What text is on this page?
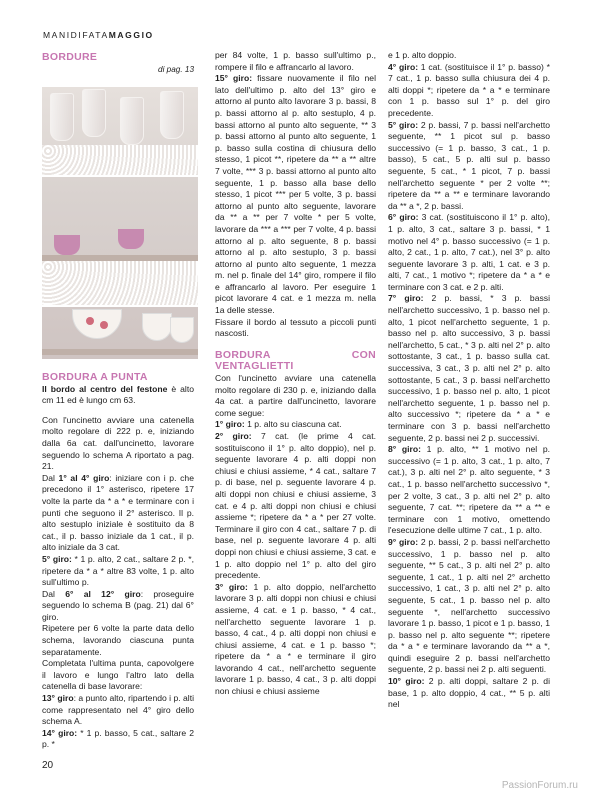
MANIDIFATAMAGGIO

BORDURE

di pag. 13

BORDURA A PUNTA

Il bordo al centro del festone è alto cm 11 ed è lungo cm 63.

Con l'uncinetto avviare una catenella molto regolare di 222 p. e, iniziando dalla 6a cat. dall'uncinetto, lavorare seguendo lo schema A riportato a pag. 21.

Dal 1° al 4° giro: iniziare con i p. che precedono il 1° asterisco, ripetere 17 volte la parte da * a * e terminare con i punti che seguono il 2° asterisco. Il p. alto sestuplo iniziale è sostituito da 8 cat., il p. basso iniziale da 1 cat., il p. alto iniziale da 3 cat.

5° giro: * 1 p. alto, 2 cat., saltare 2 p. *, ripetere da * a * altre 83 volte, 1 p. alto sull'ultimo p.

Dal 6° al 12° giro: proseguire seguendo lo schema B (pag. 21) dal 6° giro.

Ripetere per 6 volte la parte data dello schema, lavorando ciascuna punta separatamente.

Completata l'ultima punta, capovolgere il lavoro e lungo l'altro lato della catenella di base lavorare:

13° giro: a punto alto, ripartendo i p. alti come rappresentato nel 4° giro dello schema A.

14° giro: * 1 p. basso, 5 cat., saltare 2 p. *

per 84 volte, 1 p. basso sull'ultimo p., rompere il filo e affrancarlo al lavoro.

15° giro: fissare nuovamente il filo nel lato dell'ultimo p. alto del 13° giro e attorno al punto alto lavorare 3 p. bassi, 8 p. bassi attorno al p. alto sestuplo, 4 p. bassi attorno al punto alto seguente, ** 3 p. bassi attorno al punto alto seguente, 1 p. basso sulla costina di chiusura dello stesso, 1 picot **, ripetere da ** a ** altre 7 volte, *** 3 p. bassi attorno al punto alto seguente, 1 p. basso alla base dello stesso, 1 picot *** per 5 volte, 3 p. bassi attorno al punto alto seguente, lavorare da ** a ** per 7 volte * per 5 volte, lavorare da *** a *** per 7 volte, 4 p. bassi attorno al p. alto seguente, 8 p. bassi attorno al p. alto sestuplo, 3 p. bassi attorno al punto alto seguente, 1 mezza m. nel p. finale del 14° giro, rompere il filo e affrancarlo al lavoro. Per eseguire 1 picot lavorare 4 cat. e 1 mezza m. nella 1a delle stesse.

Fissare il bordo al tessuto a piccoli punti nascosti.

BORDURA CON VENTAGLIETTI

Con l'uncinetto avviare una catenella molto regolare di 230 p. e, iniziando dalla 4a cat. a partire dall'uncinetto, lavorare come segue:

1° giro: 1 p. alto su ciascuna cat.

2° giro: 7 cat. (le prime 4 cat. sostituiscono il 1° p. alto doppio), nel p. seguente lavorare 4 p. alti doppi non chiusi e chiusi assieme, * 4 cat., saltare 7 p. di base, nel p. seguente lavorare 4 p. alti doppi non chiusi e chiusi assieme, 3 cat. e 4 p. alti doppi non chiusi e chiusi assieme *; ripetere da * a * per 27 volte. Terminare il giro con 4 cat., saltare 7 p. di base, nel p. seguente lavorare 4 p. alti doppi non chiusi e chiusi assieme, 3 cat. e 1 p. alto doppio nel 1° p. alto del giro precedente.

3° giro: 1 p. alto doppio, nell'archetto lavorare 3 p. alti doppi non chiusi e chiusi assieme, 4 cat. e 1 p. basso, * 4 cat., nell'archetto seguente lavorare 1 p. basso, 4 cat., 4 p. alti doppi non chiusi e chiusi assieme, 4 cat. e 1 p. basso *; ripetere da * a * e terminare il giro lavorando 4 cat., nell'archetto seguente lavorare 1 p. basso, 4 cat., 3 p. alti doppi non chiusi e chiusi assieme

e 1 p. alto doppio.

4° giro: 1 cat. (sostituisce il 1° p. basso) * 7 cat., 1 p. basso sulla chiusura dei 4 p. alti doppi *; ripetere da * a * e terminare con 1 p. basso sul 1° p. del giro precedente.

5° giro: 2 p. bassi, 7 p. bassi nell'archetto seguente, ** 1 picot sul p. basso successivo (= 1 p. basso, 3 cat., 1 p. basso), 5 cat., 5 p. alti sul p. basso seguente, 5 cat., * 1 picot, 7 p. bassi nell'archetto seguente * per 2 volte **; ripetere da ** a ** e terminare lavorando da ** a *, 2 p. bassi.

6° giro: 3 cat. (sostituiscono il 1° p. alto), 1 p. alto, 3 cat., saltare 3 p. bassi, * 1 motivo nel 4° p. basso successivo (= 1 p. alto, 2 cat., 1 p. alto, 7 cat.), nel 3° p. alto seguente lavorare 3 p. alti, 1 cat. e 3 p. alti, 7 cat., 1 motivo *; ripetere da * a * e terminare con 3 cat. e 2 p. alti.

7° giro: 2 p. bassi, * 3 p. bassi nell'archetto successivo, 1 p. basso nel p. alto, 1 picot nell'archetto seguente, 1 p. basso nel p. alto successivo, 3 p. bassi nell'archetto, 5 cat., * 3 p. alti nel 2° p. alto sottostante, 3 cat., 1 p. basso sulla cat. successiva, 3 cat., 3 p. alti nel 2° p. alto sottostante, 5 cat., 3 p. bassi nell'archetto successivo, 1 p. basso nel p. alto, 1 picot nell'archetto seguente, 1 p. basso nel p. alto successivo *; ripetere da * a * e terminare con 3 p. bassi nell'archetto seguente, 2 p. bassi nei 2 p. successivi.

8° giro: 1 p. alto, ** 1 motivo nel p. successivo (= 1 p. alto, 3 cat., 1 p. alto, 7 cat.), 3 p. alti nel 2° p. alto seguente, * 3 cat., 1 p. basso nell'archetto successivo *, per 2 volte, 3 cat., 3 p. alti nel 2° p. alto seguente, 7 cat. **; ripetere da ** a ** e terminare con 1 motivo, omettendo l'esecuzione delle ultime 7 cat., 1 p. alto.

9° giro: 2 p. bassi, 2 p. bassi nell'archetto successivo, 1 p. basso nel p. alto seguente, ** 5 cat., 3 p. alti nel 2° p. alto seguente, 1 cat., 1 p. alti nel 2° archetto successivo, 1 cat., 3 p. alti nel 2° p. alto seguente, 5 cat., 1 p. basso nel p. alto seguente *, nell'archetto successivo lavorare 1 p. basso, 1 picot e 1 p. basso, 1 p. basso nel p. alto seguente **; ripetere da * a * e terminare lavorando da ** a *, quindi eseguire 2 p. bassi nell'archetto seguente, 2 p. bassi nei 2 p. alti seguenti.

10° giro: 2 p. alti doppi, saltare 2 p. di base, 1 p. alto doppio, 4 cat., ** 5 p. alti nel

20
PassionForum.ru
